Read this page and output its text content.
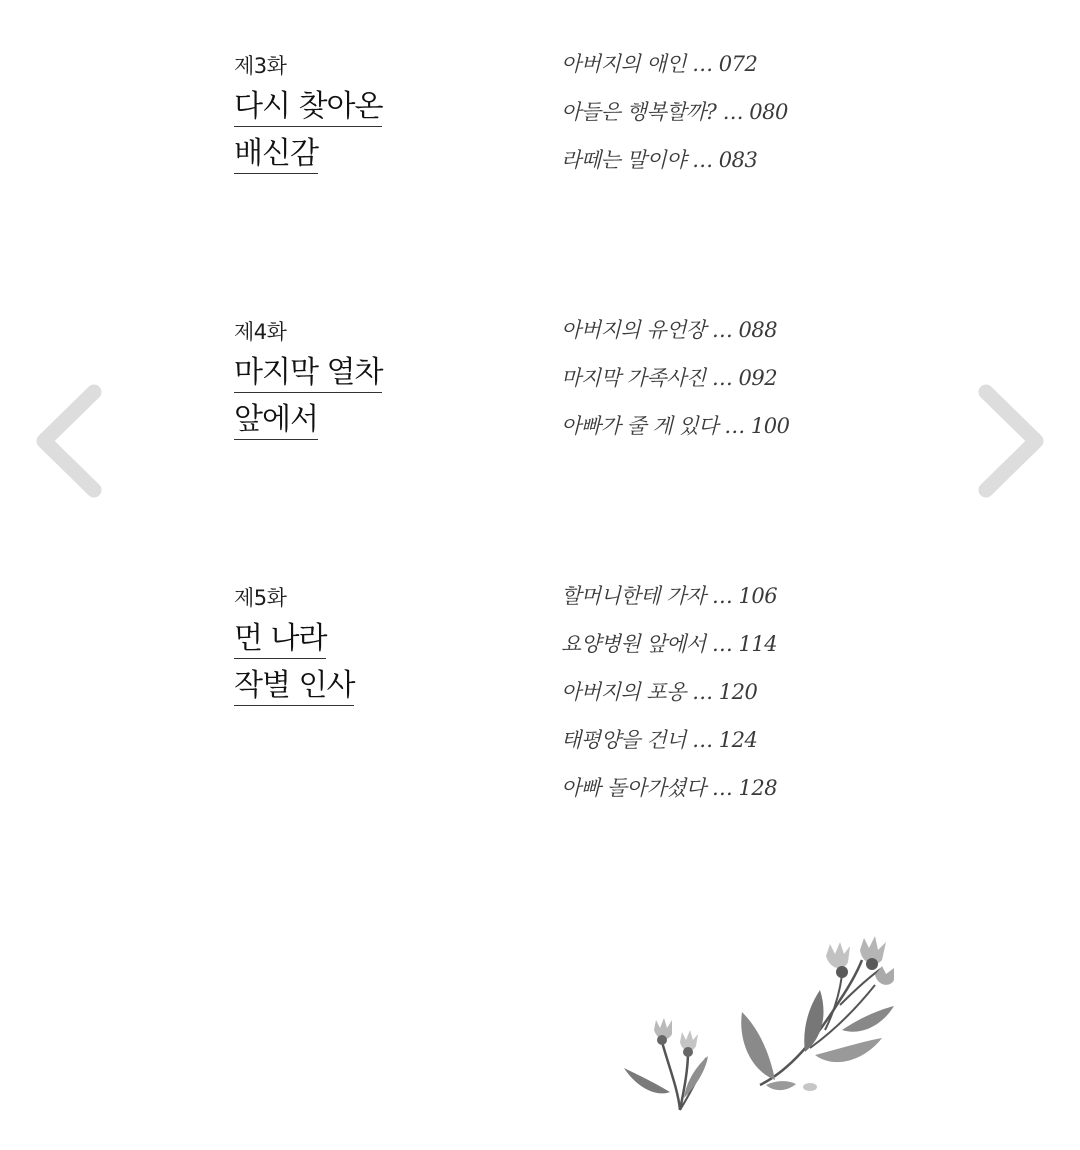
제3화
다시 찾아온
배신감
아버지의 애인 … 072
아들은 행복할까? … 080
라떼는 말이야 … 083
제4화
마지막 열차
앞에서
아버지의 유언장 … 088
마지막 가족사진 … 092
아빠가 줄 게 있다 … 100
제5화
먼 나라
작별 인사
할머니한테 가자 … 106
요양병원 앞에서 … 114
아버지의 포옹 … 120
태평양을 건너 … 124
아빠 돌아가셨다 … 128
